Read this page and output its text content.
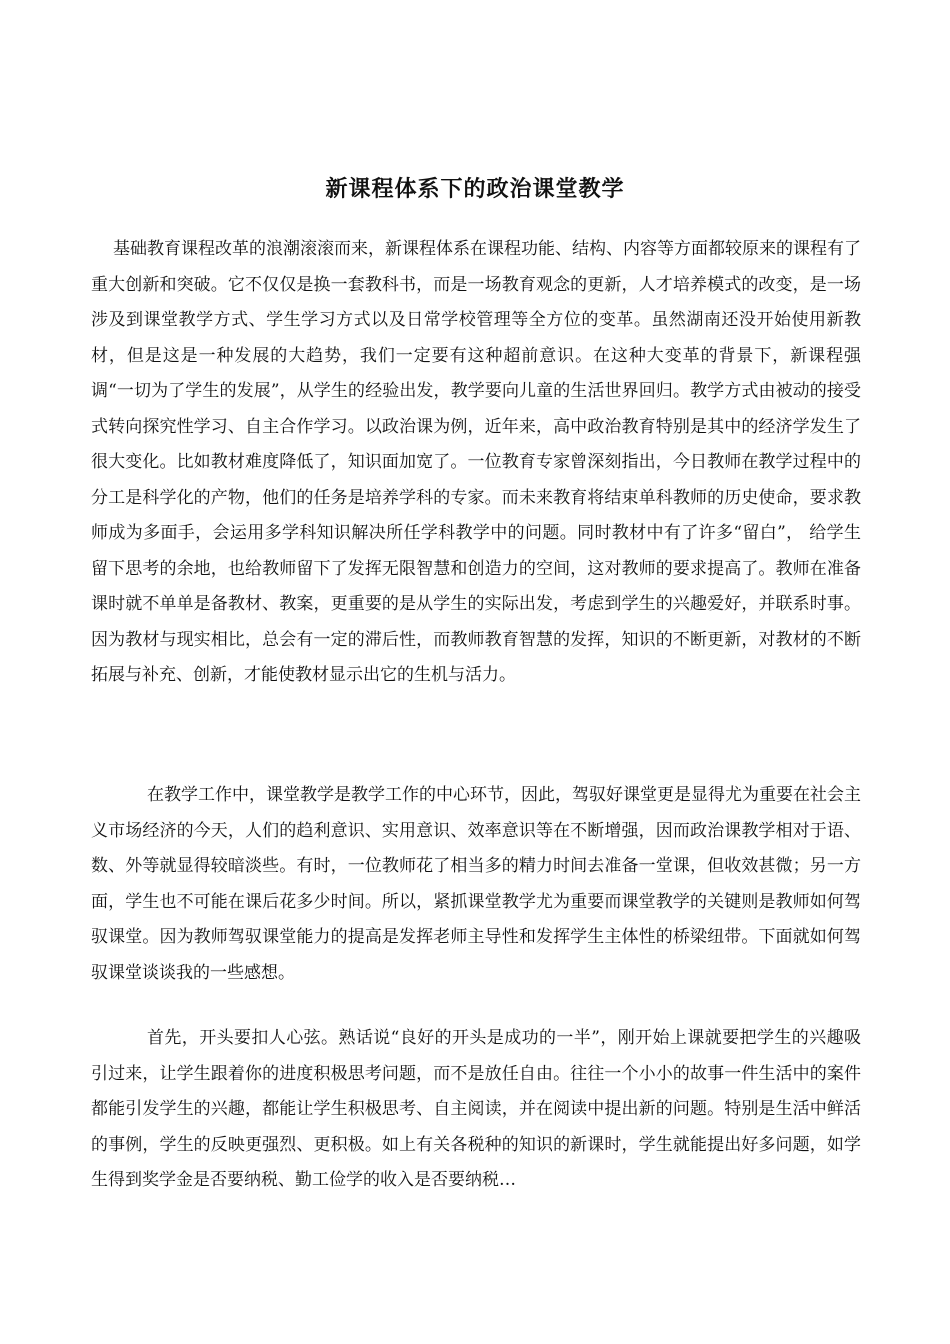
新课程体系下的政治课堂教学

基础教育课程改革的浪潮滚滚而来，新课程体系在课程功能、结构、内容等方面都较原来的课程有了重大创新和突破。它不仅仅是换一套教科书，而是一场教育观念的更新，人才培养模式的改变，是一场涉及到课堂教学方式、学生学习方式以及日常学校管理等全方位的变革。虽然湖南还没开始使用新教材，但是这是一种发展的大趋势，我们一定要有这种超前意识。在这种大变革的背景下，新课程强调“一切为了学生的发展”，从学生的经验出发，教学要向儿童的生活世界回归。教学方式由被动的接受式转向探究性学习、自主合作学习。以政治课为例，近年来，高中政治教育特别是其中的经济学发生了很大变化。比如教材难度降低了，知识面加宽了。一位教育专家曾深刻指出，今日教师在教学过程中的分工是科学化的产物，他们的任务是培养学科的专家。而未来教育将结束单科教师的历史使命，要求教师成为多面手，会运用多学科知识解决所任学科教学中的问题。同时教材中有了许多“留白”， 给学生留下思考的余地，也给教师留下了发挥无限智慧和创造力的空间，这对教师的要求提高了。教师在准备课时就不单单是备教材、教案，更重要的是从学生的实际出发，考虑到学生的兴趣爱好，并联系时事。因为教材与现实相比，总会有一定的滞后性，而教师教育智慧的发挥，知识的不断更新，对教材的不断拓展与补充、创新，才能使教材显示出它的生机与活力。

在教学工作中，课堂教学是教学工作的中心环节，因此，驾驭好课堂更是显得尤为重要在社会主义市场经济的今天，人们的趋利意识、实用意识、效率意识等在不断增强，因而政治课教学相对于语、数、外等就显得较暗淡些。有时，一位教师花了相当多的精力时间去准备一堂课，但收效甚微；另一方面，学生也不可能在课后花多少时间。所以，紧抓课堂教学尤为重要而课堂教学的关键则是教师如何驾驭课堂。因为教师驾驭课堂能力的提高是发挥老师主导性和发挥学生主体性的桥梁纽带。下面就如何驾驭课堂谈谈我的一些感想。

首先，开头要扣人心弦。熟话说“良好的开头是成功的一半”，刚开始上课就要把学生的兴趣吸引过来，让学生跟着你的进度积极思考问题，而不是放任自由。往往一个小小的故事一件生活中的案件都能引发学生的兴趣，都能让学生积极思考、自主阅读，并在阅读中提出新的问题。特别是生活中鲜活的事例，学生的反映更强烈、更积极。如上有关各税种的知识的新课时，学生就能提出好多问题，如学生得到奖学金是否要纳税、勤工俭学的收入是否要纳税…
